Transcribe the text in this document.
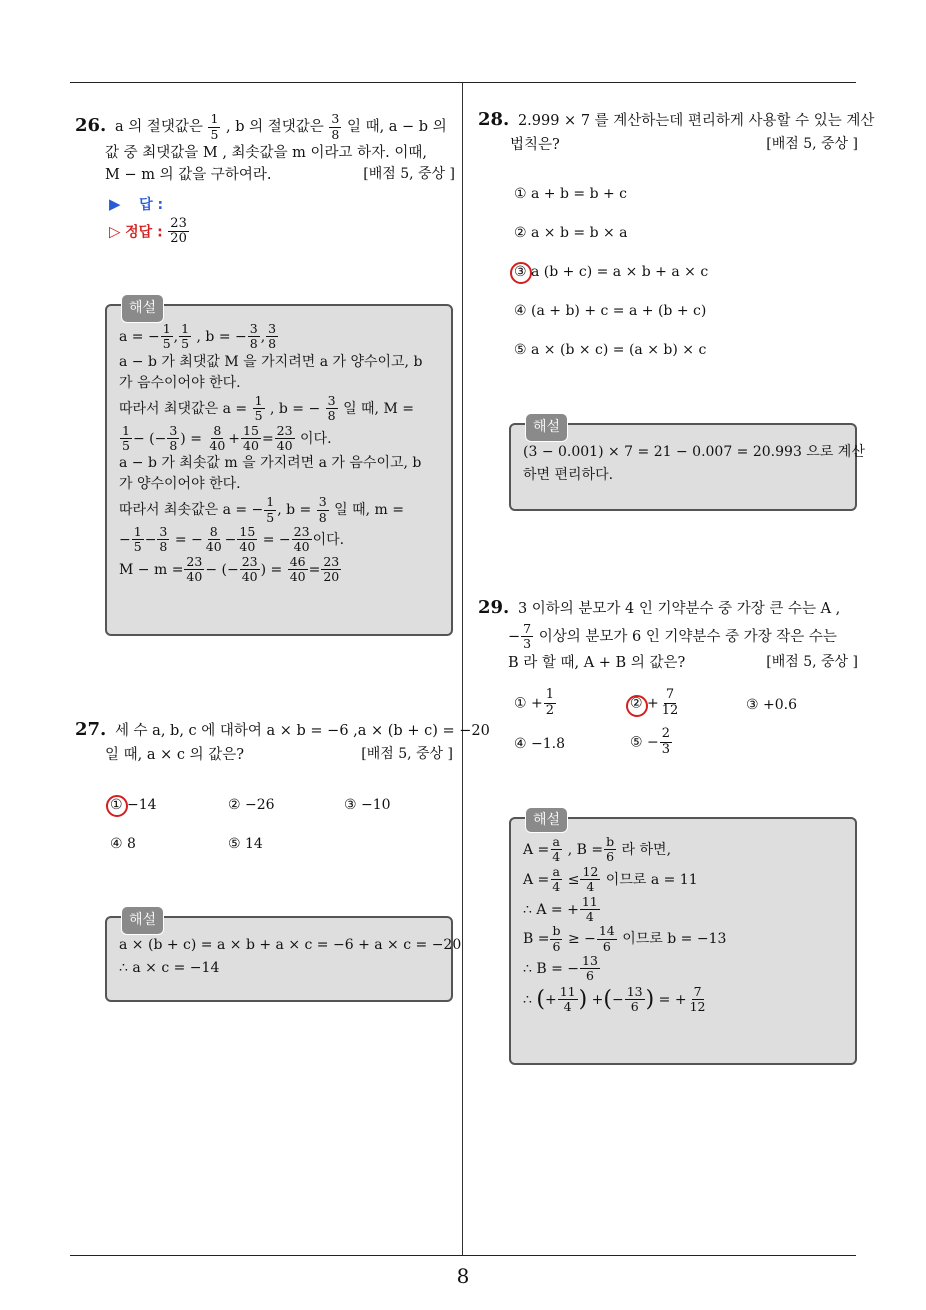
8
26. a 의 절댓값은 $\frac{1}{5}$ , b 의 절댓값은 $\frac{3}{8}$ 일 때, a − b 의
값 중 최댓값을 M , 최솟값을 m 이라고 하자. 이때,
M − m 의 값을 구하여라.	[배점 5, 중상 ]
▶ 답 :
▷ 정답 : $\frac{23}{20}$
해설
a = − $\frac{1}{5}$ , $\frac{1}{5}$ , b = − $\frac{3}{8}$ , $\frac{3}{8}$
a − b 가 최댓값 M 을 가지려면 a 가 양수이고, b
가 음수이어야 한다.
따라서 최댓값은 $a = \frac{1}{5}$ , b = − $\frac{3}{8}$ 일 때, M =
$\frac{1}{5}$ − (− $\frac{3}{8}$ ) = $\frac{8}{40} + \frac{15}{40} = \frac{23}{40}$ 이다.
a − b 가 최솟값 m 을 가지려면 a 가 음수이고, b
가 양수이어야 한다.
따라서 최솟값은 a = − $\frac{1}{5}$ , $b = \frac{3}{8}$ 일 때, m =
− $\frac{1}{5} - \frac{3}{8}$ = − $\frac{8}{40} - \frac{15}{40}$ = − $\frac{23}{40}$ 이다.
$M - m = \frac{23}{40}$ − (− $\frac{23}{40}$ ) = $\frac{46}{40} = \frac{23}{20}$
27. 세 수 a, b, c 에 대하여 a × b = −6 ,a × (b + c) = −20
일 때, a × c 의 값은?	[배점 5, 중상 ]
① −14	② −26	③ −10
④ 8	⑤ 14
해설
a × (b + c) = a × b + a × c = −6 + a × c = −20
∴ a × c = −14
28. 2.999 × 7 를 계산하는데 편리하게 사용할 수 있는 계산
법칙은?	[배점 5, 중상 ]
① a + b = b + c
② a × b = b × a
③ a (b + c) = a × b + a × c
④ (a + b) + c = a + (b + c)
⑤ a × (b × c) = (a × b) × c
해설
(3 − 0.001) × 7 = 21 − 0.007 = 20.993 으로 계산
하면 편리하다.
29. 3 이하의 분모가 4 인 기약분수 중 가장 큰 수는 A ,
− $\frac{7}{3}$ 이상의 분모가 6 인 기약분수 중 가장 작은 수는
B 라 할 때, A + B 의 값은?	[배점 5, 중상 ]
① + $\frac{1}{2}$	② + $\frac{7}{12}$	③ +0.6
④ −1.8	⑤ − $\frac{2}{3}$
해설
$A = \frac{a}{4}$ , $B = \frac{b}{6}$ 라 하면,
$A = \frac{a}{4} \le \frac{12}{4}$ 이므로 a = 11
∴ A = + $\frac{11}{4}$
$B = \frac{b}{6}$ ≥ − $\frac{14}{6}$ 이므로 b = −13
∴ B = − $\frac{13}{6}$
∴ (+ $\frac{11}{4}$ ) +(− $\frac{13}{6}$ ) = + $\frac{7}{12}$
